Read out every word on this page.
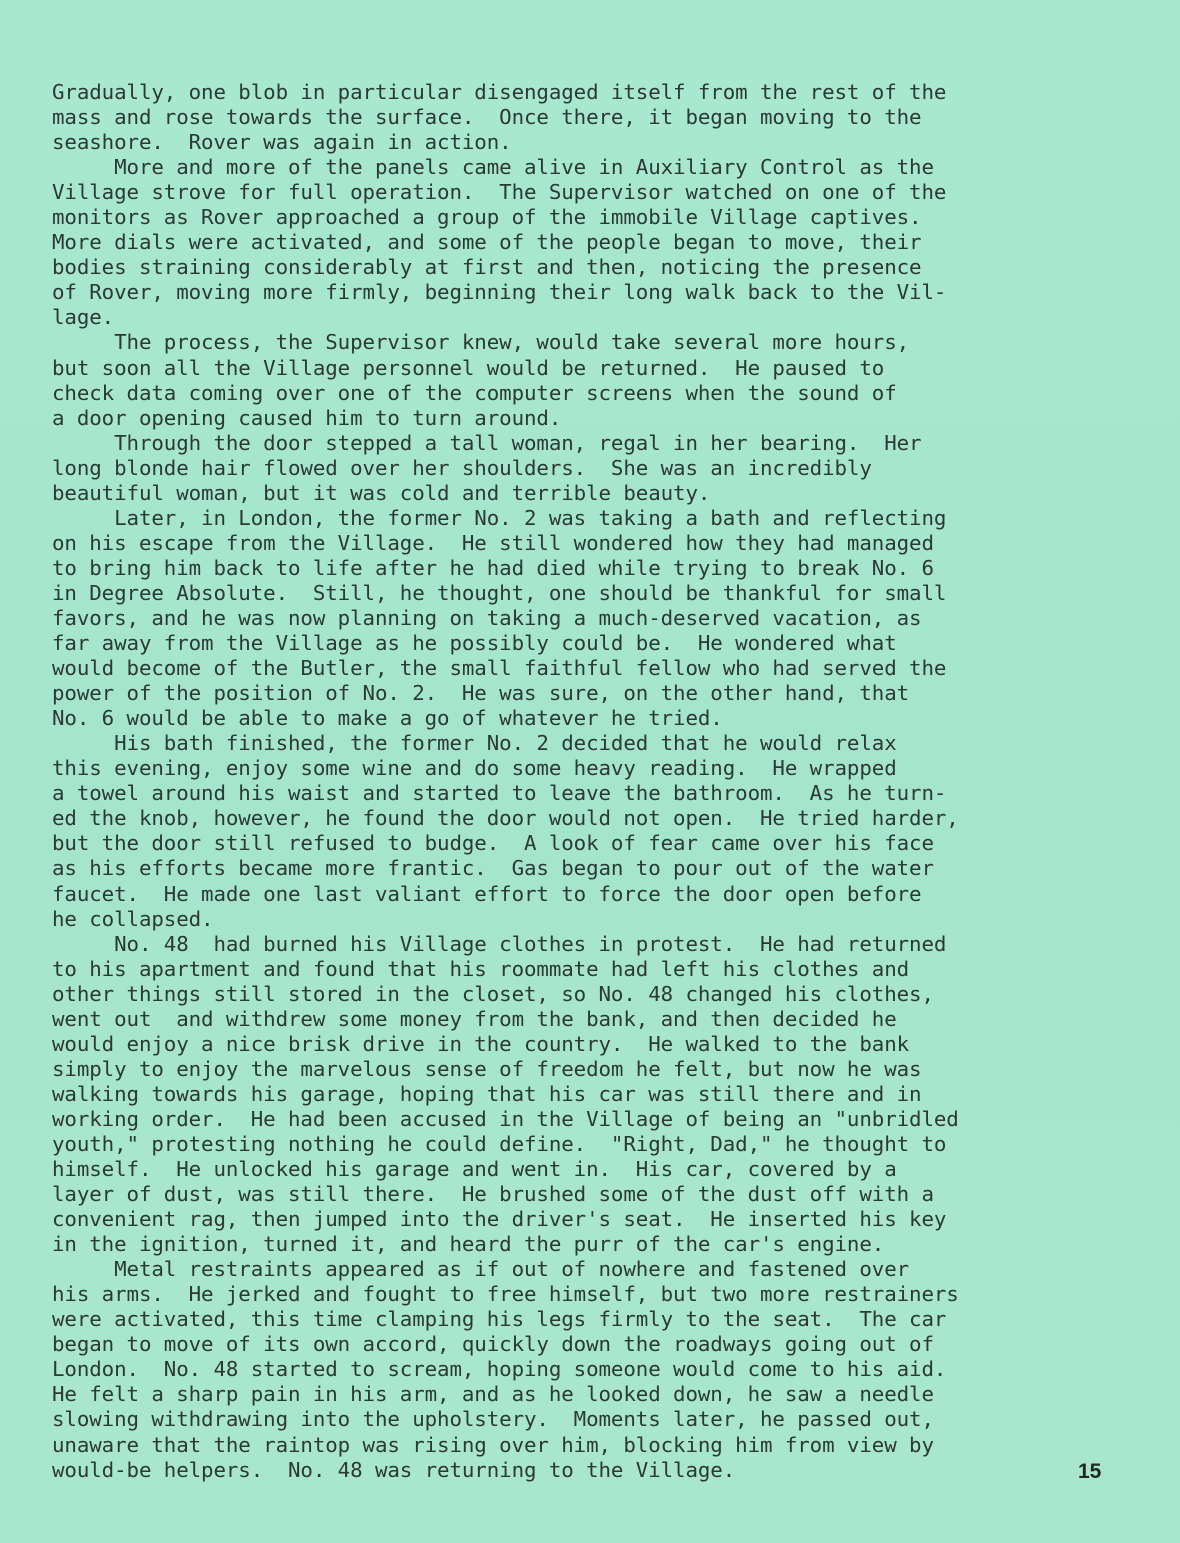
Gradually, one blob in particular disengaged itself from the rest of the
mass and rose towards the surface.  Once there, it began moving to the
seashore.  Rover was again in action.
More and more of the panels came alive in Auxiliary Control as the
Village strove for full operation.  The Supervisor watched on one of the
monitors as Rover approached a group of the immobile Village captives.
More dials were activated, and some of the people began to move, their
bodies straining considerably at first and then, noticing the presence
of Rover, moving more firmly, beginning their long walk back to the Vil-
lage.
The process, the Supervisor knew, would take several more hours,
but soon all the Village personnel would be returned.  He paused to
check data coming over one of the computer screens when the sound of
a door opening caused him to turn around.
Through the door stepped a tall woman, regal in her bearing.  Her
long blonde hair flowed over her shoulders.  She was an incredibly
beautiful woman, but it was cold and terrible beauty.
Later, in London, the former No. 2 was taking a bath and reflecting
on his escape from the Village.  He still wondered how they had managed
to bring him back to life after he had died while trying to break No. 6
in Degree Absolute.  Still, he thought, one should be thankful for small
favors, and he was now planning on taking a much-deserved vacation, as
far away from the Village as he possibly could be.  He wondered what
would become of the Butler, the small faithful fellow who had served the
power of the position of No. 2.  He was sure, on the other hand, that
No. 6 would be able to make a go of whatever he tried.
His bath finished, the former No. 2 decided that he would relax
this evening, enjoy some wine and do some heavy reading.  He wrapped
a towel around his waist and started to leave the bathroom.  As he turn-
ed the knob, however, he found the door would not open.  He tried harder,
but the door still refused to budge.  A look of fear came over his face
as his efforts became more frantic.  Gas began to pour out of the water
faucet.  He made one last valiant effort to force the door open before
he collapsed.
No. 48  had burned his Village clothes in protest.  He had returned
to his apartment and found that his roommate had left his clothes and
other things still stored in the closet, so No. 48 changed his clothes,
went out  and withdrew some money from the bank, and then decided he
would enjoy a nice brisk drive in the country.  He walked to the bank
simply to enjoy the marvelous sense of freedom he felt, but now he was
walking towards his garage, hoping that his car was still there and in
working order.  He had been accused in the Village of being an "unbridled
youth," protesting nothing he could define.  "Right, Dad," he thought to
himself.  He unlocked his garage and went in.  His car, covered by a
layer of dust, was still there.  He brushed some of the dust off with a
convenient rag, then jumped into the driver's seat.  He inserted his key
in the ignition, turned it, and heard the purr of the car's engine.
Metal restraints appeared as if out of nowhere and fastened over
his arms.  He jerked and fought to free himself, but two more restrainers
were activated, this time clamping his legs firmly to the seat.  The car
began to move of its own accord, quickly down the roadways going out of
London.  No. 48 started to scream, hoping someone would come to his aid.
He felt a sharp pain in his arm, and as he looked down, he saw a needle
slowing withdrawing into the upholstery.  Moments later, he passed out,
unaware that the raintop was rising over him, blocking him from view by
would-be helpers.  No. 48 was returning to the Village.	15
